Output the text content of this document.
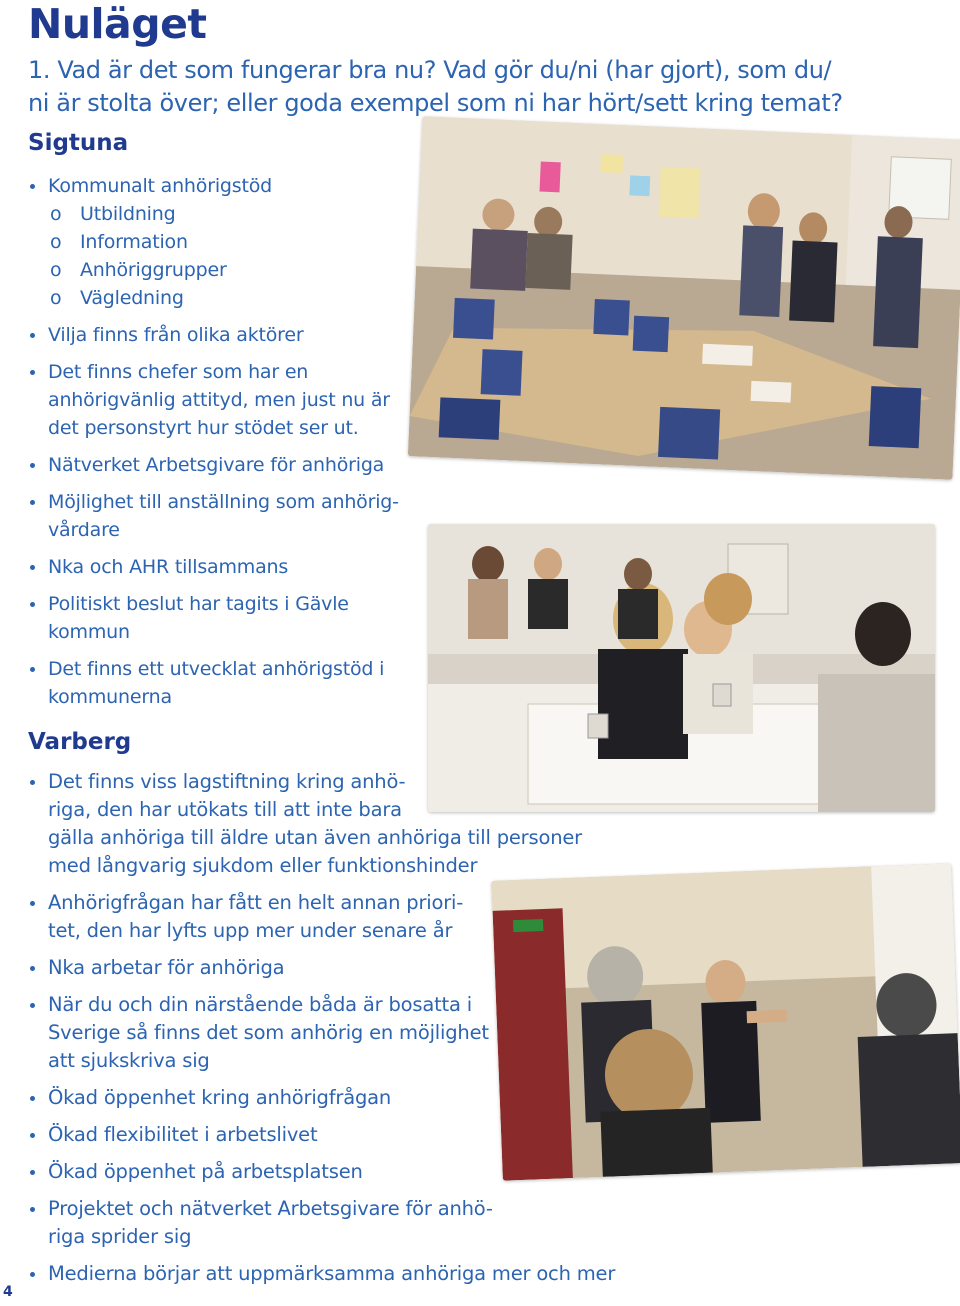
Nuläget
1. Vad är det som fungerar bra nu? Vad gör du/ni (har gjort), som du/
ni är stolta över; eller goda exempel som ni har hört/sett kring temat?
Sigtuna
Kommunalt anhörigstöd
o Utbildning
o Information
o Anhöriggrupper
o Vägledning
Vilja finns från olika aktörer
Det finns chefer som har en
anhörigvänlig attityd, men just nu är
det personstyrt hur stödet ser ut.
Nätverket Arbetsgivare för anhöriga
Möjlighet till anställning som anhörig-
vårdare
Nka och AHR tillsammans
Politiskt beslut har tagits i Gävle
kommun
Det finns ett utvecklat anhörigstöd i
kommunerna
Varberg
Det finns viss lagstiftning kring anhö-
riga, den har utökats till att inte bara
gälla anhöriga till äldre utan även anhöriga till personer
med långvarig sjukdom eller funktionshinder
Anhörigfrågan har fått en helt annan priori-
tet, den har lyfts upp mer under senare år
Nka arbetar för anhöriga
När du och din närstående båda är bosatta i
Sverige så finns det som anhörig en möjlighet
att sjukskriva sig
Ökad öppenhet kring anhörigfrågan
Ökad flexibilitet i arbetslivet
Ökad öppenhet på arbetsplatsen
Projektet och nätverket Arbetsgivare för anhö-
riga sprider sig
Medierna börjar att uppmärksamma anhöriga mer och mer
4
